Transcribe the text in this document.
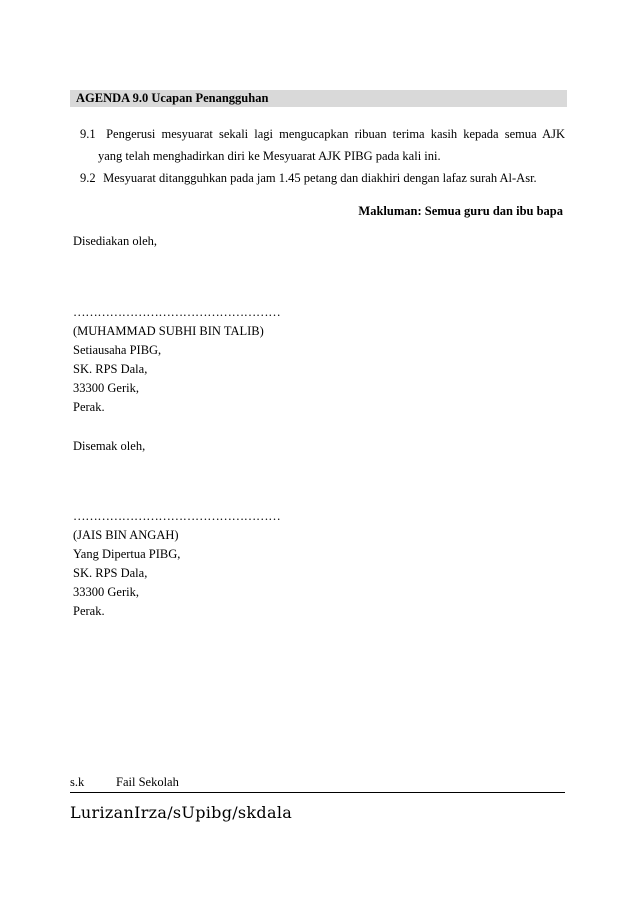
AGENDA 9.0 Ucapan Penangguhan
9.1 Pengerusi mesyuarat sekali lagi mengucapkan ribuan terima kasih kepada semua AJK
yang telah menghadirkan diri ke Mesyuarat AJK PIBG pada kali ini.
9.2 Mesyuarat ditangguhkan pada jam 1.45 petang dan diakhiri dengan lafaz surah Al-Asr.
Makluman: Semua guru dan ibu bapa
Disediakan oleh,
……………………………………………
(MUHAMMAD SUBHI BIN TALIB)
Setiausaha PIBG,
SK. RPS Dala,
33300 Gerik,
Perak.
Disemak oleh,
……………………………………………
(JAIS BIN ANGAH)
Yang Dipertua PIBG,
SK. RPS Dala,
33300 Gerik,
Perak.
s.k	Fail Sekolah
LurizanIrza/sUpibg/skdala
